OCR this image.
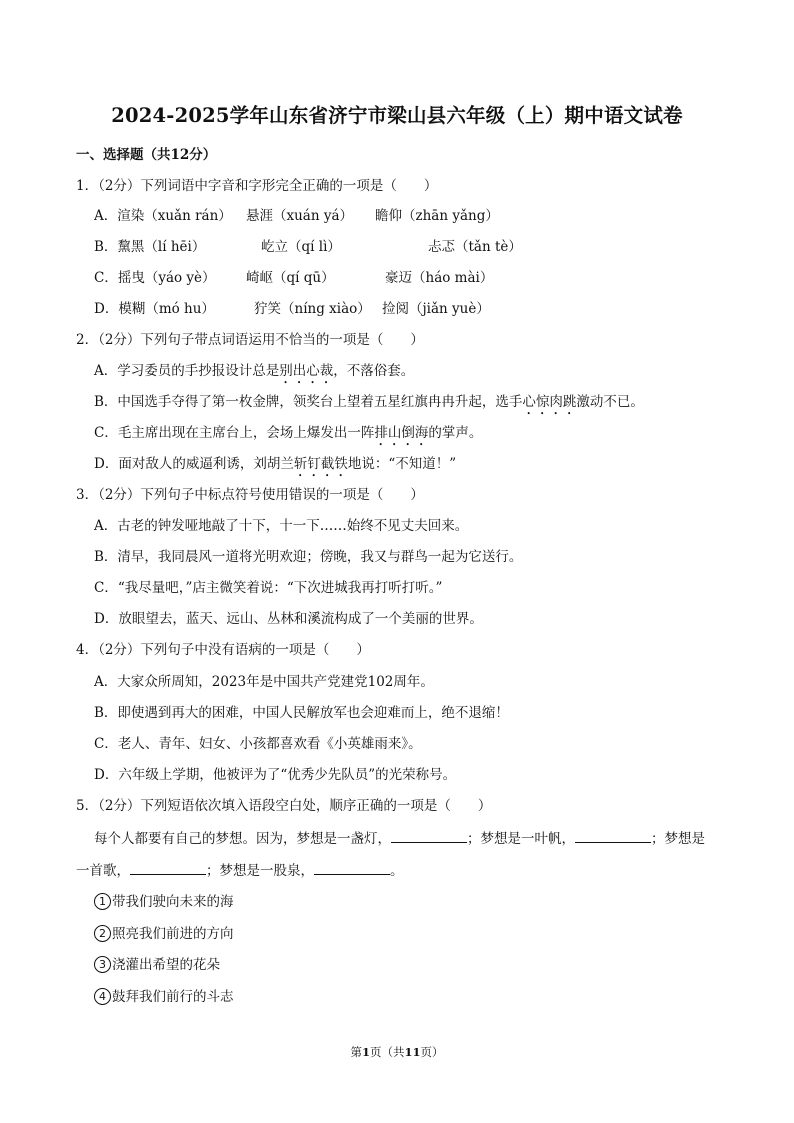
2024-2025学年山东省济宁市梁山县六年级（上）期中语文试卷
一、选择题（共12分）
1．（2分）下列词语中字音和字形完全正确的一项是（　　）
A．渲染（xuǎn rán） 悬涯（xuán yá） 瞻仰（zhān yǎng）
B．黧黑（lí hēi）	屹立（qí lì）	忐忑（tǎn tè）
C．摇曳（yáo yè） 崎岖（qí qū）	豪迈（háo mài）
D．模糊（mó hu）	狞笑（níng xiào） 捡阅（jiǎn yuè）
2．（2分）下列句子带点词语运用不恰当的一项是（　　）
A．学习委员的手抄报设计总是别出心裁，不落俗套。
B．中国选手夺得了第一枚金牌，领奖台上望着五星红旗冉冉升起，选手心惊肉跳激动不已。
C．毛主席出现在主席台上，会场上爆发出一阵排山倒海的掌声。
D．面对敌人的威逼利诱，刘胡兰斩钉截铁地说：“不知道！”
3．（2分）下列句子中标点符号使用错误的一项是（　　）
A．古老的钟发哑地敲了十下，十一下……始终不见丈夫回来。
B．清早，我同晨风一道将光明欢迎；傍晚，我又与群鸟一起为它送行。
C．“我尽量吧，”店主微笑着说：“下次进城我再打听打听。”
D．放眼望去，蓝天、远山、丛林和溪流构成了一个美丽的世界。
4．（2分）下列句子中没有语病的一项是（　　）
A．大家众所周知，2023年是中国共产党建党102周年。
B．即使遇到再大的困难，中国人民解放军也会迎难而上，绝不退缩！
C．老人、青年、妇女、小孩都喜欢看《小英雄雨来》。
D．六年级上学期，他被评为了“优秀少先队员”的光荣称号。
5．（2分）下列短语依次填入语段空白处，顺序正确的一项是（　　）
每个人都要有自己的梦想。因为，梦想是一盏灯，	；梦想是一叶帆，	；梦想是
一首歌，	；梦想是一股泉，	。
1 带我们驶向未来的海
2 照亮我们前进的方向
3 浇灌出希望的花朵
4 鼓拜我们前行的斗志
第1页（共11页）
